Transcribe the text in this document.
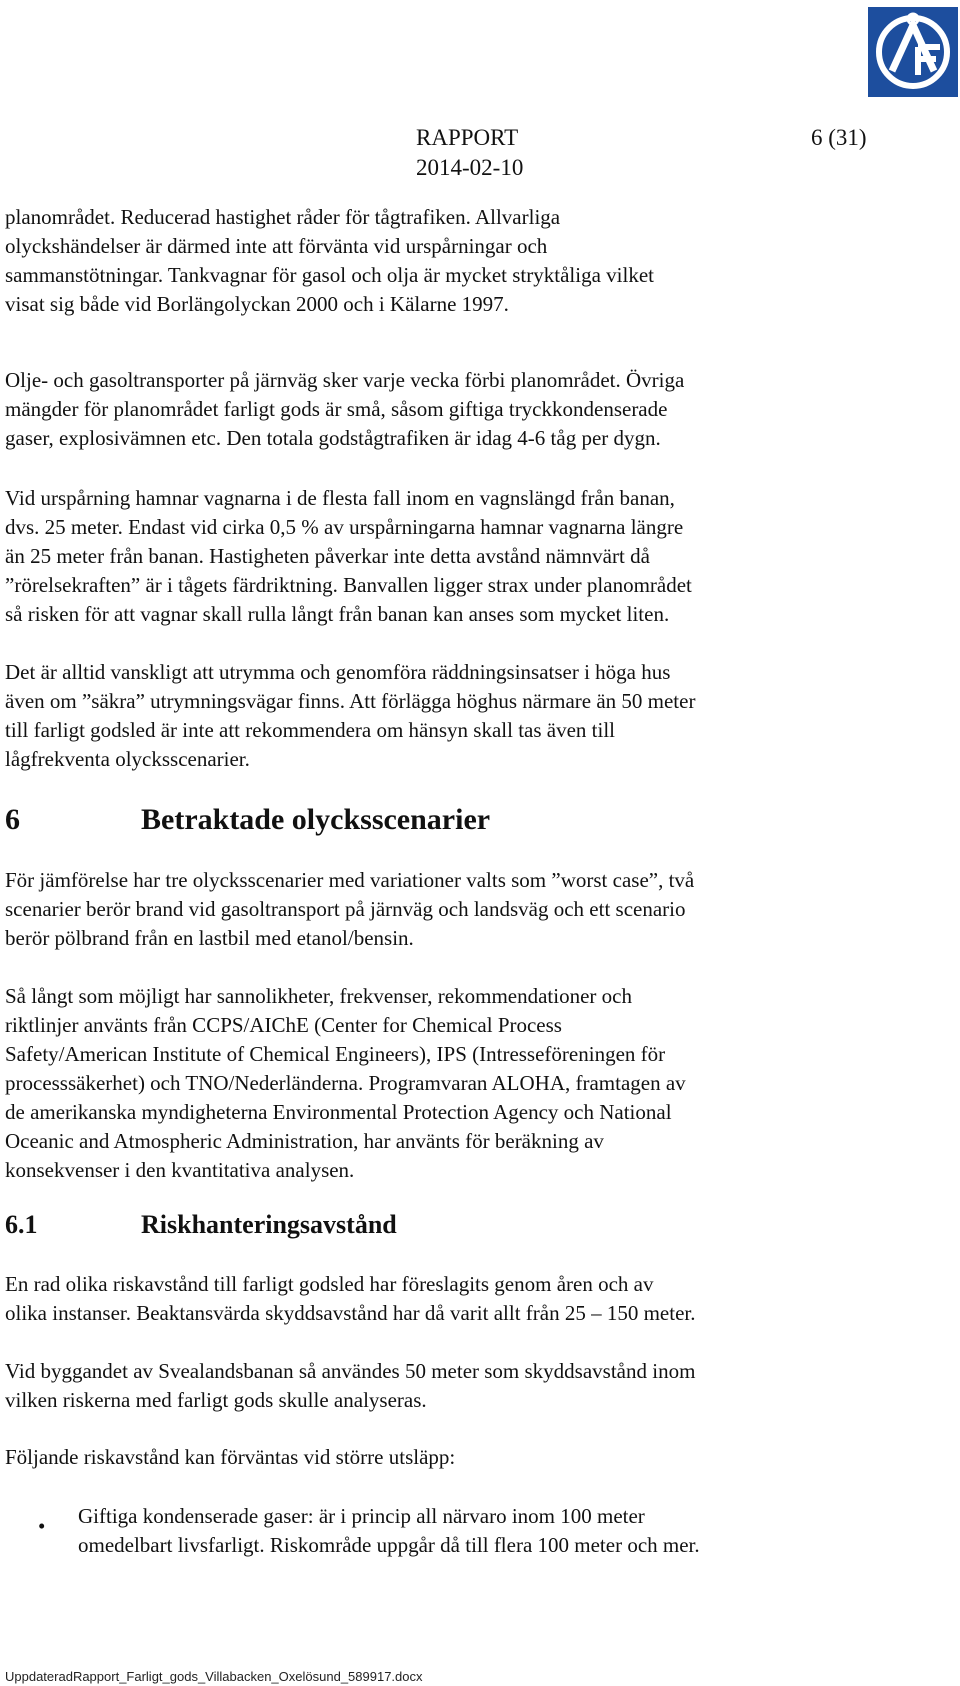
RAPPORT
2014-02-10
6 (31)

planområdet. Reducerad hastighet råder för tågtrafiken. Allvarliga
olyckshändelser är därmed inte att förvänta vid urspårningar och
sammanstötningar. Tankvagnar för gasol och olja är mycket stryktåliga vilket
visat sig både vid Borlängolyckan 2000 och i Kälarne 1997.

Olje- och gasoltransporter på järnväg sker varje vecka förbi planområdet. Övriga
mängder för planområdet farligt gods är små, såsom giftiga tryckkondenserade
gaser, explosivämnen etc. Den totala godstågtrafiken är idag 4-6 tåg per dygn.

Vid urspårning hamnar vagnarna i de flesta fall inom en vagnslängd från banan,
dvs. 25 meter. Endast vid cirka 0,5 % av urspårningarna hamnar vagnarna längre
än 25 meter från banan. Hastigheten påverkar inte detta avstånd nämnvärt då
”rörelsekraften” är i tågets färdriktning. Banvallen ligger strax under planområdet
så risken för att vagnar skall rulla långt från banan kan anses som mycket liten.

Det är alltid vanskligt att utrymma och genomföra räddningsinsatser i höga hus
även om ”säkra” utrymningsvägar finns. Att förlägga höghus närmare än 50 meter
till farligt godsled är inte att rekommendera om hänsyn skall tas även till
lågfrekventa olycksscenarier.

6	Betraktade olycksscenarier

För jämförelse har tre olycksscenarier med variationer valts som ”worst case”, två
scenarier berör brand vid gasoltransport på järnväg och landsväg och ett scenario
berör pölbrand från en lastbil med etanol/bensin.

Så långt som möjligt har sannolikheter, frekvenser, rekommendationer och
riktlinjer använts från CCPS/AIChE (Center for Chemical Process
Safety/American Institute of Chemical Engineers), IPS (Intresseföreningen för
processsäkerhet) och TNO/Nederländerna. Programvaran ALOHA, framtagen av
de amerikanska myndigheterna Environmental Protection Agency och National
Oceanic and Atmospheric Administration, har använts för beräkning av
konsekvenser i den kvantitativa analysen.

6.1	Riskhanteringsavstånd

En rad olika riskavstånd till farligt godsled har föreslagits genom åren och av
olika instanser. Beaktansvärda skyddsavstånd har då varit allt från 25 – 150 meter.

Vid byggandet av Svealandsbanan så användes 50 meter som skyddsavstånd inom
vilken riskerna med farligt gods skulle analyseras.

Följande riskavstånd kan förväntas vid större utsläpp:

• Giftiga kondenserade gaser: är i princip all närvaro inom 100 meter
omedelbart livsfarligt. Riskområde uppgår då till flera 100 meter och mer.

UppdateradRapport_Farligt_gods_Villabacken_Oxelösund_589917.docx
